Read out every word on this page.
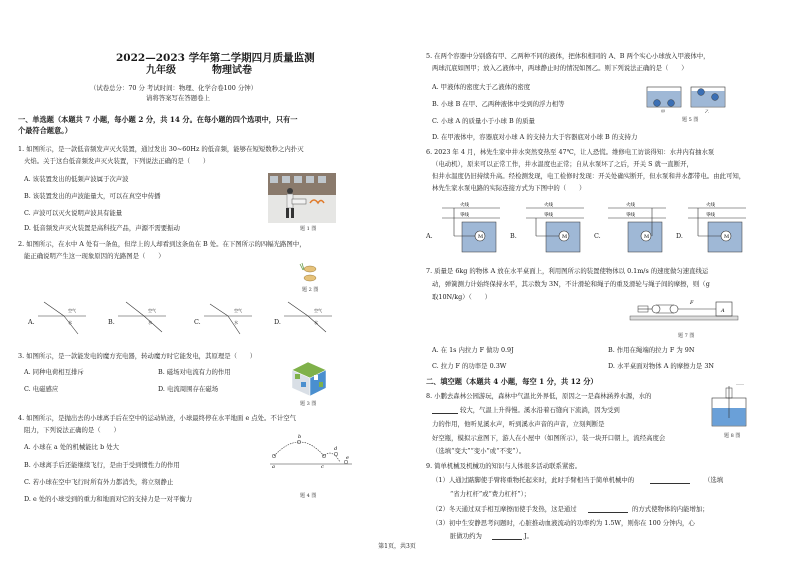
2022—2023 学年第二学期四月质量监测
九年级	物理试卷
（试卷总分：70 分 考试时间：物理、化学合卷100 分钟）
请将答案写在答题卷上
一、单选题（本题共 7 小题，每小题 2 分，共 14 分。在每小题的四个选项中，只有一
个最符合题意。）
1. 如图所示，是一款低音频发声灭火装置，通过发出 30~60Hz 的低音频，能够在短短数秒之内扑灭
火焰。关于这台低音频发声灭火装置，下列说法正确的是（　　）
A. 该装置发出的低频声波属于次声波
B. 该装置发出的声波能量大，可以在真空中传播
C. 声波可以灭火说明声波具有能量
D. 低音频发声灭火装置是高科技产品，声源不需要振动	题 1 图
2. 如图所示，在水中 A 处有一条鱼，但岸上的人却看到这条鱼在 B 处。在下图所示的四幅光路图中，
能正确说明产生这一现象原因的光路图是（　　）
题 2 图
A.
空气
水	B.
空气
水	C.
空气
水	D.
空气
水
3. 如图所示，是一款能发电的魔方充电器，转动魔方时它能发电，其原理是（　　）
A. 同种电荷相互排斥	B. 磁场对电流有力的作用
C. 电磁感应	D. 电流周围存在磁场
题 3 图
4. 如图所示，是抛出去的小球离手后在空中的运动轨迹，小球最终停在水平地面 e 点处。不计空气
阻力，下列说法正确的是（　　）
A. 小球在 a 处的机械能比 b 处大
B. 小球离手后还能继续飞行，是由于受到惯性力的作用
C. 若小球在空中飞行时所有外力都消失，将立刻静止
D. e 处的小球受到的重力和地面对它的支持力是一对平衡力
a
b
c
d
e
题 4 图
5. 在两个容器中分别盛有甲、乙两种不同的液体，把体积相同的 A、B 两个实心小球放入甲液体中，
两球沉底如图甲；放入乙液体中，两球静止时的情况如图乙。则下列说法正确的是（　　）
A. 甲液体的密度大于乙液体的密度
B. 小球 B 在甲、乙两种液体中受到的浮力相等
C. 小球 A 的质量小于小球 B 的质量
D. 在甲液体中，容器底对小球 A 的支持力大于容器底对小球 B 的支持力
甲	乙
题 5 图
6. 2023 年 4 月，林先生家中井水突然变热至 47℃，让人恐慌。维修电工访谈得知：水井内有抽水泵
（电动机），原来可以正常工作，井水温度也正常；自从水泵坏了之后，开关 S 就一直断开，
但井水温度仍旧持续升高。经检测发现，电工检修时发现：开关处确实断开，但水泵和井水都带电。由此可知，
林先生家水泵电路的实际连接方式为下图中的（　　）
A.
火线
零线
M	B.
火线
零线
M	C.
火线
零线
M	D.
火线
零线
M
7. 质量是 6kg 的物体 A 放在水平桌面上，利用图所示的装置使物体以 0.1m/s 的速度做匀速直线运
动，弹簧测力计始终保持水平，其示数为 3N，不计滑轮和绳子的重及滑轮与绳子间的摩擦，则（g
取10N/kg）（　　）
A
F
题 7 图
A. 在 1s 内拉力 F 做功 0.9J	B. 作用在绳端的拉力 F 为 9N
C. 拉力 F 的功率是 0.3W	D. 水平桌面对物体 A 的摩擦力是 3N
二、填空题（本题共 4 小题，每空 1 分，共 12 分）
8. 小鹏去森林公园游玩，森林中气温比外界低，原因之一是森林涵养水源，水的
较大，气温上升得慢。溪水沿着石缝向下流淌，因为受到
力的作用，他听见溪水声，听到溪水声音的声音，立刻判断是
好空瓶，模拟示意图下，游人在小屋中（如图所示），装一块开口朝上，流经高度会
（选填“变大”“变小”或“不变”）。
题 8 图
9. 简单机械及机械功的知识与人体很多活动联系紧密。
（1）人通过踮脚使手臂将重物托起来时，此时手臂相当于简单机械中的	（选填
“省力杠杆”或“费力杠杆”）；
（2）冬天通过双手相互摩擦而使手发热，这是通过	的方式使物体的内能增加；
（3）初中生安静思考问题时，心脏推动血液流动的功率约为 1.5W，则你在 100 分钟内，心
脏做功约为	J。
第1页，共3页
